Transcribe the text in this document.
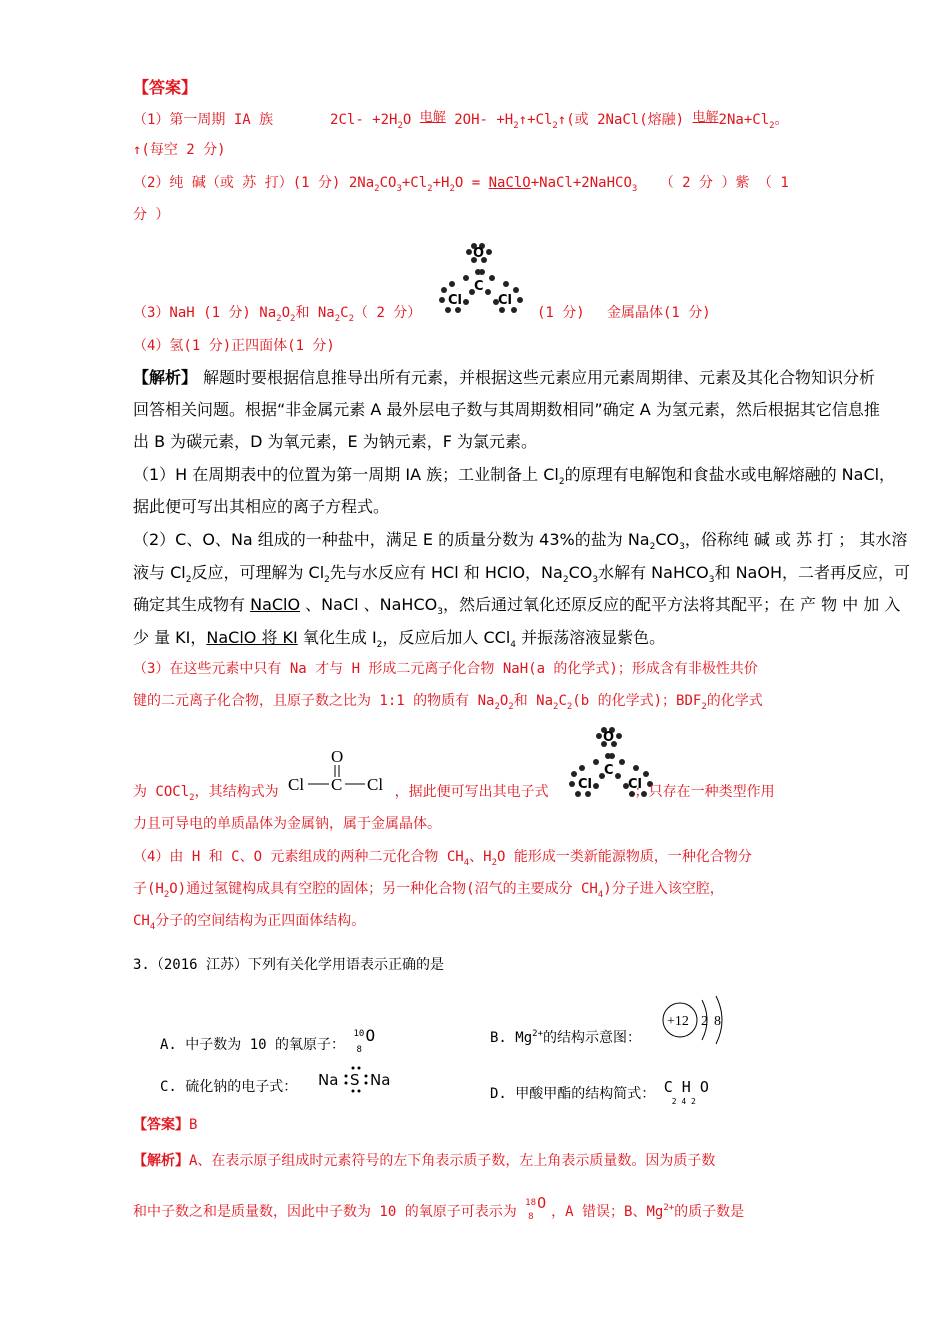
【答案】
（1）第一周期 IA 族	$2Cl- +2H_2O$ 电解 $2OH- +H_2↑+Cl_2↑$(或 2NaCl(熔融) 电解$2Na+Cl_2$。
↑(每空 2 分)
（2）纯 碱（或 苏 打）(1 分) $2Na_2CO_3+Cl_2+H_2O$ = NaClO+NaCl+2NaHCO$_3$ （ 2 分 ）紫 （ 1
分 ）
O
C
Cl	Cl
（3）NaH (1 分) $Na_2O_2$和 $Na_2C_2$（ 2 分）	(1 分) 金属晶体(1 分)
（4）氢(1 分)正四面体(1 分)
【解析】 解题时要根据信息推导出所有元素，并根据这些元素应用元素周期律、元素及其化合物知识分析
回答相关问题。根据“非金属元素 A 最外层电子数与其周期数相同”确定 A 为氢元素，然后根据其它信息推
出 B 为碳元素，D 为氧元素，E 为钠元素，F 为氯元素。
（1）H 在周期表中的位置为第一周期 IA 族；工业制备上 $Cl_2$的原理有电解饱和食盐水或电解熔融的 NaCl，
据此便可写出其相应的离子方程式。
（2）C、O、Na 组成的一种盐中，满足 E 的质量分数为 43%的盐为 $Na_2CO_3$，俗称纯 碱 或 苏 打 ； 其水溶
液与 $Cl_2$反应，可理解为 $Cl_2$先与水反应有 HCl 和 HClO，$Na_2CO_3$水解有 NaHCO$_3$和 NaOH，二者再反应，可
确定其生成物有 NaClO 、NaCl 、NaHCO$_3$，然后通过氧化还原反应的配平方法将其配平；在 产 物 中 加 入
少 量 KI，NaClO 将 KI 氧化生成 $I_2$，反应后加人 CCl$_4$ 并振荡溶液显紫色。
（3）在这些元素中只有 Na 才与 H 形成二元离子化合物 NaH(a 的化学式)；形成含有非极性共价
键的二元离子化合物，且原子数之比为 1:1 的物质有 $Na_2O_2$和 $Na_2C_2(b$ 的化学式)；$BDF_2$的化学式
O
Cl C Cl
O
C
Cl	Cl
为 COCl$_2$，其结构式为	，据此便可写出其电子式	；只存在一种类型作用
力且可导电的单质晶体为金属钠，属于金属晶体。
（4）由 H 和 C、O 元素组成的两种二元化合物 $CH_4$、$H_2O$ 能形成一类新能源物质，一种化合物分
子$(H_2O)$通过氢键构成具有空腔的固体；另一种化合物(沼气的主要成分 $CH_4$)分子进入该空腔，
$CH_4$分子的空间结构为正四面体结构。
3.（2016 江苏）下列有关化学用语表示正确的是
A. 中子数为 10 的氧原子：
10
8
O	B. $Mg^{2+}$的结构示意图：
+12 2 8
C. 硫化钠的电子式： Na S Na
D. 甲酸甲酯的结构简式： C H O
2 4 2
【答案】B
【解析】A、在表示原子组成时元素符号的左下角表示质子数，左上角表示质量数。因为质子数
和中子数之和是质量数，因此中子数为 10 的氧原子可表示为
18
8
O ，A 错误；B、$Mg^{2+}$的质子数是
